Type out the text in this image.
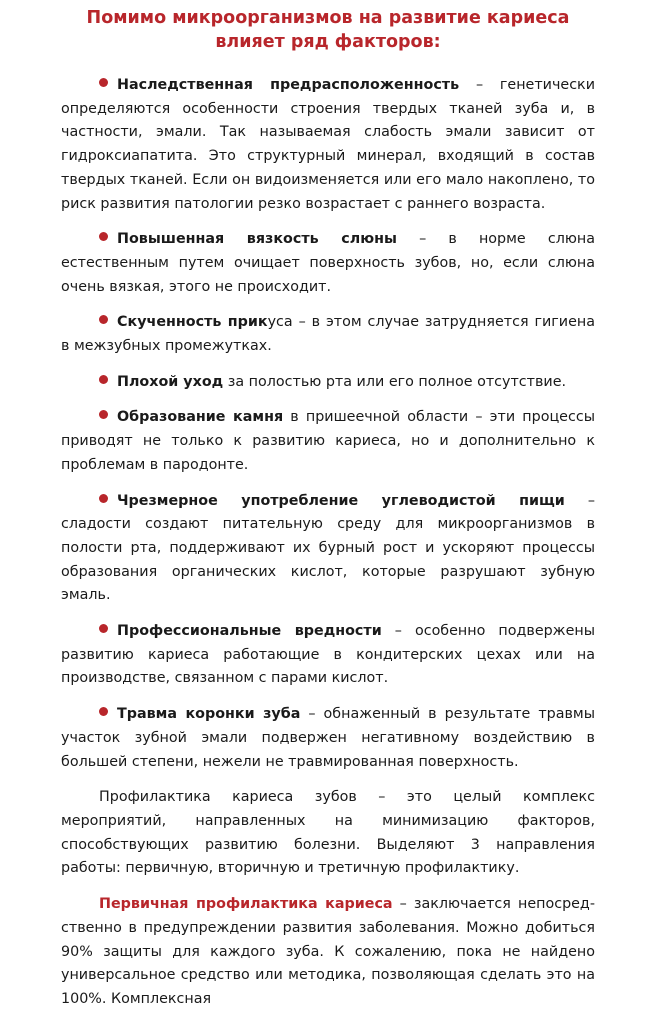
Помимо микроорганизмов на развитие кариеса влияет ряд факторов:
Наследственная предрасположенность – генетически определяются особенности строения твердых тканей зуба и, в частности, эмали. Так называемая слабость эмали зависит от гидроксиапатита. Это структурный минерал, входящий в состав твердых тканей. Если он видоизменяется или его мало накоплено, то риск развития патологии резко возрастает с раннего возраста.
Повышенная вязкость слюны – в норме слюна естественным путем очищает поверхность зубов, но, если слюна очень вязкая, этого не происходит.
Скученность прикуса – в этом случае затрудняется гигиена в межзубных промежутках.
Плохой уход за полостью рта или его полное отсутствие.
Образование камня в пришеечной области – эти процессы приводят не только к развитию кариеса, но и дополнительно к проблемам в пародонте.
Чрезмерное употребление углеводистой пищи – сладости создают питательную среду для микроорганизмов в полости рта, поддерживают их бурный рост и ускоряют процессы образования органических кислот, которые разрушают зубную эмаль.
Профессиональные вредности – особенно подвержены развитию кариеса работающие в кондитерских цехах или на производстве, связанном с парами кислот.
Травма коронки зуба – обнаженный в результате травмы участок зубной эмали подвержен негативному воздействию в большей степени, нежели не травмированная поверхность.

Профилактика кариеса зубов – это целый комплекс мероприятий, направленных на минимизацию факторов, способствующих развитию болезни. Выделяют 3 направления работы: первичную, вторичную и третичную профилактику.

Первичная профилактика кариеса – заключается непосредственно в предупреждении развития заболевания. Можно добиться 90% защиты для каждого зуба. К сожалению, пока не найдено универсальное средство или методика, позволяющая сделать это на 100%. Комплексная
